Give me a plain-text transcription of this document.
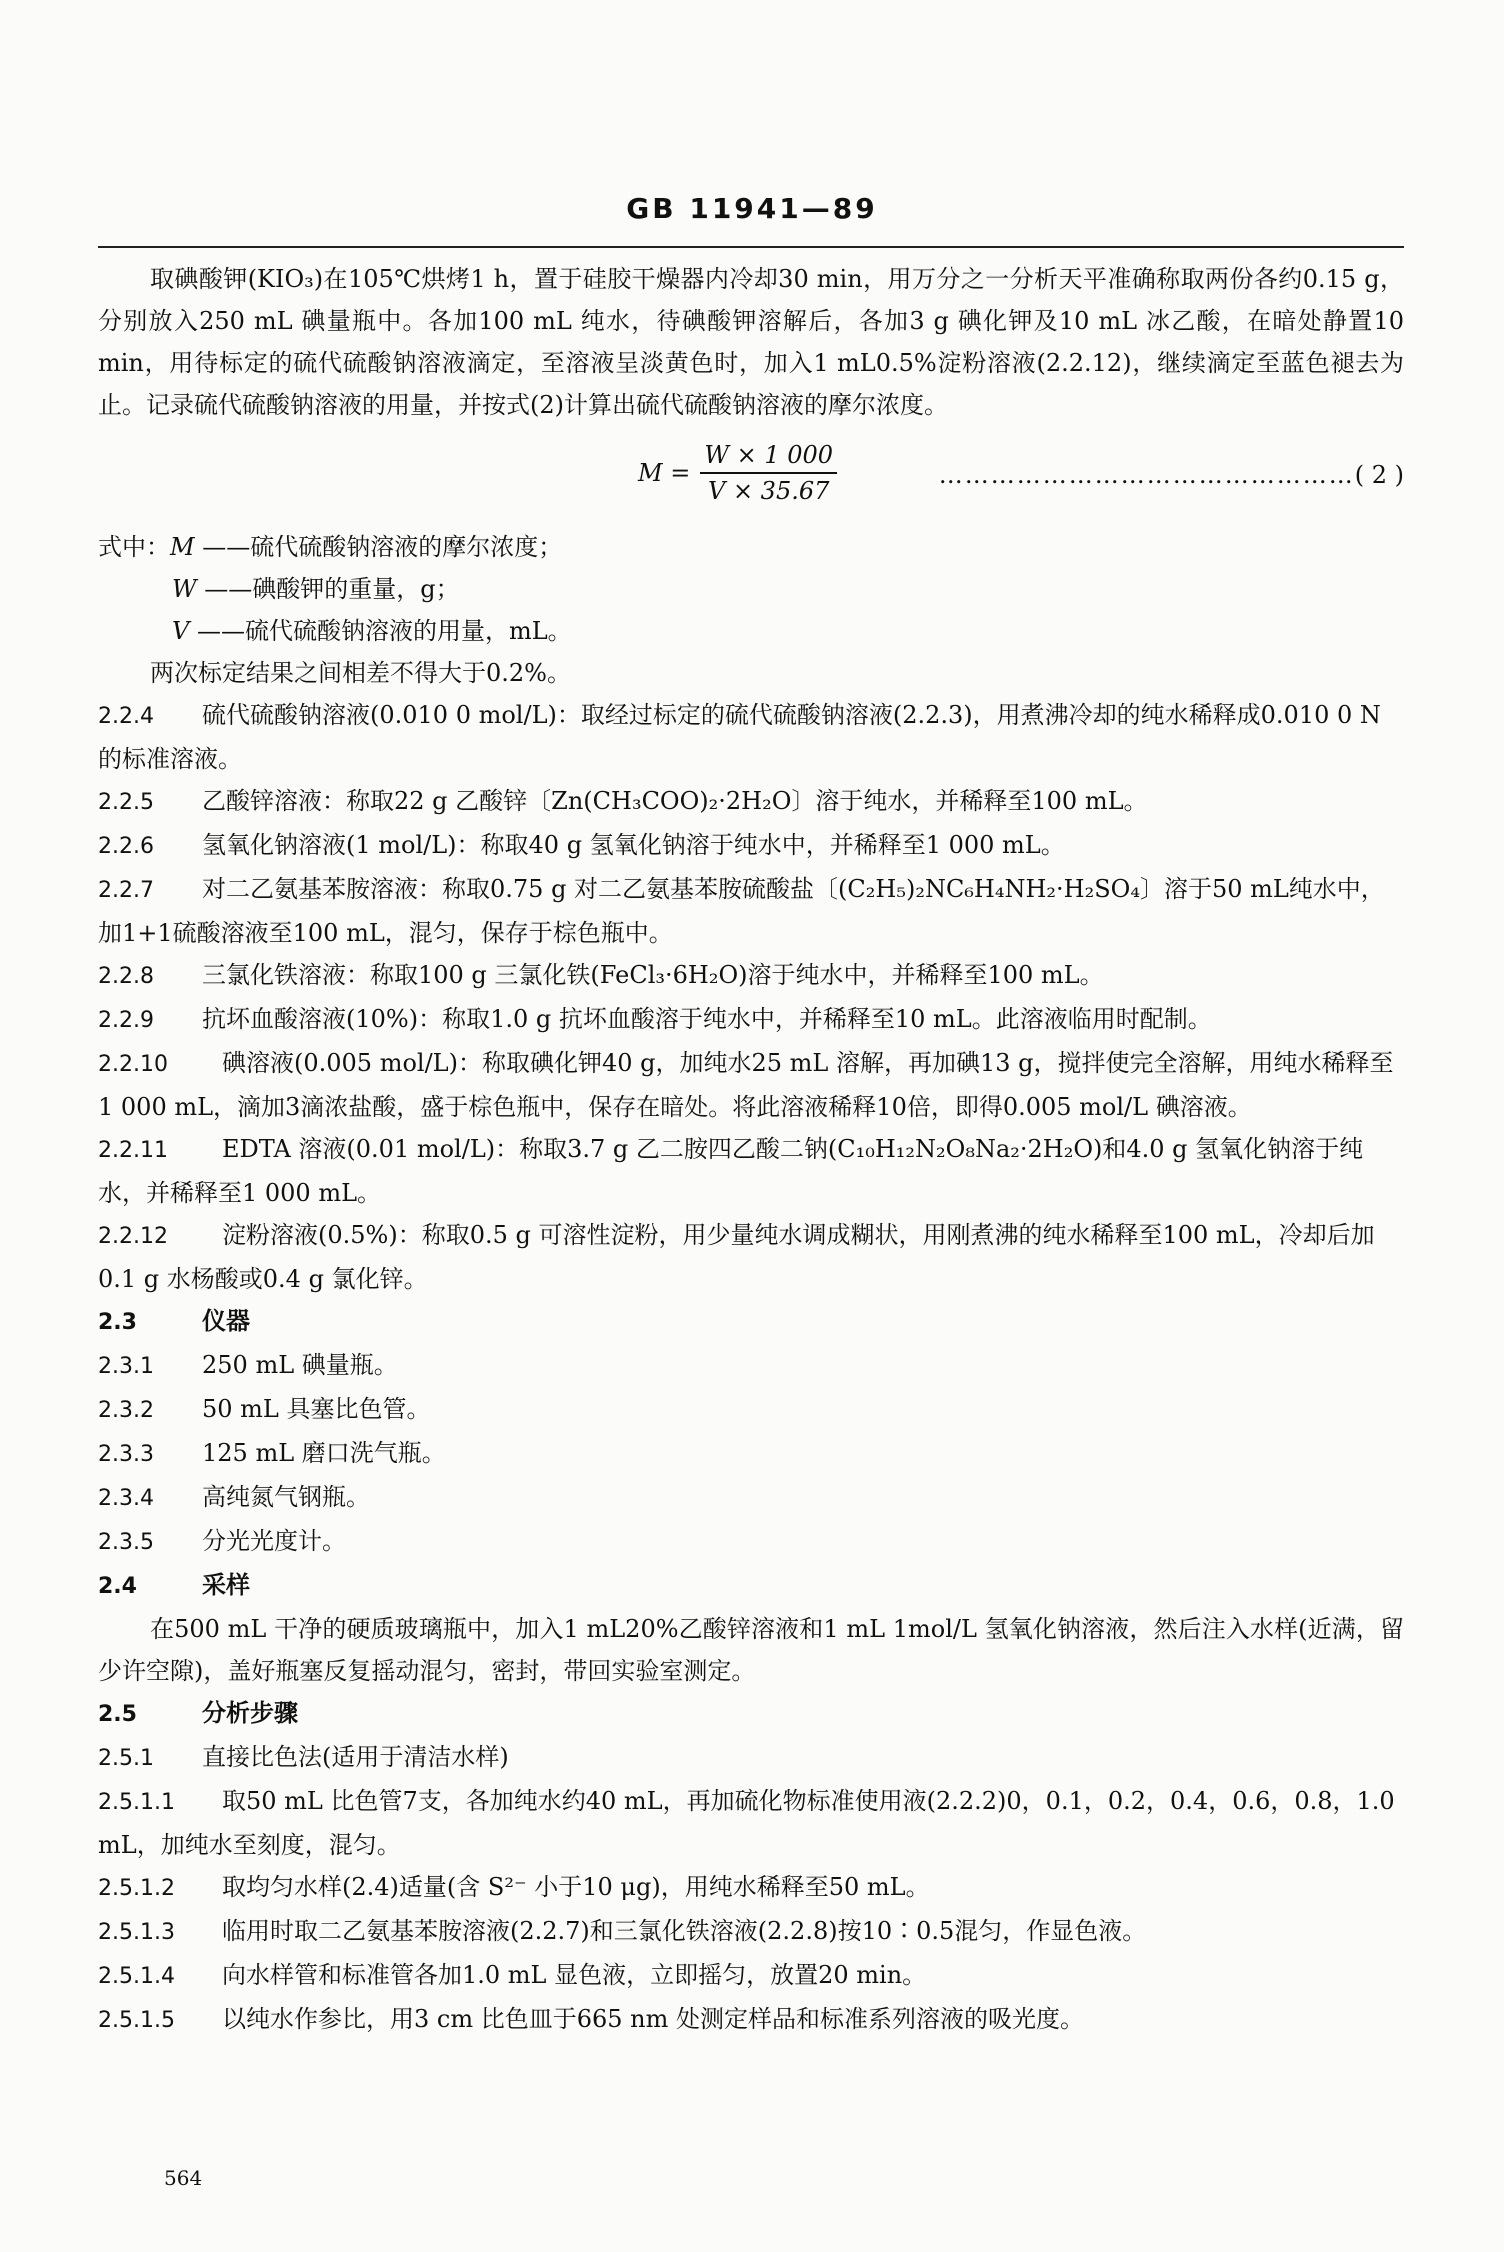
GB 11941—89

取碘酸钾(KIO₃)在105℃烘烤1 h，置于硅胶干燥器内冷却30 min，用万分之一分析天平准确称取两份各约0.15 g，分别放入250 mL 碘量瓶中。各加100 mL 纯水，待碘酸钾溶解后，各加3 g 碘化钾及10 mL 冰乙酸，在暗处静置10 min，用待标定的硫代硫酸钠溶液滴定，至溶液呈淡黄色时，加入1 mL0.5%淀粉溶液(2.2.12)，继续滴定至蓝色褪去为止。记录硫代硫酸钠溶液的用量，并按式(2)计算出硫代硫酸钠溶液的摩尔浓度。

$M = \frac{W \times 1 000}{V \times 35.67}$	…………………………………………( 2 )

式中：M ——硫代硫酸钠溶液的摩尔浓度；

W ——碘酸钾的重量，g；

V ——硫代硫酸钠溶液的用量，mL。

两次标定结果之间相差不得大于0.2%。

2.2.4 硫代硫酸钠溶液(0.010 0 mol/L)：取经过标定的硫代硫酸钠溶液(2.2.3)，用煮沸冷却的纯水稀释成0.010 0 N 的标准溶液。

2.2.5 乙酸锌溶液：称取22 g 乙酸锌〔Zn(CH₃COO)₂·2H₂O〕溶于纯水，并稀释至100 mL。

2.2.6 氢氧化钠溶液(1 mol/L)：称取40 g 氢氧化钠溶于纯水中，并稀释至1 000 mL。

2.2.7 对二乙氨基苯胺溶液：称取0.75 g 对二乙氨基苯胺硫酸盐〔(C₂H₅)₂NC₆H₄NH₂·H₂SO₄〕溶于50 mL纯水中，加1+1硫酸溶液至100 mL，混匀，保存于棕色瓶中。

2.2.8 三氯化铁溶液：称取100 g 三氯化铁(FeCl₃·6H₂O)溶于纯水中，并稀释至100 mL。

2.2.9 抗坏血酸溶液(10%)：称取1.0 g 抗坏血酸溶于纯水中，并稀释至10 mL。此溶液临用时配制。

2.2.10 碘溶液(0.005 mol/L)：称取碘化钾40 g，加纯水25 mL 溶解，再加碘13 g，搅拌使完全溶解，用纯水稀释至1 000 mL，滴加3滴浓盐酸，盛于棕色瓶中，保存在暗处。将此溶液稀释10倍，即得0.005 mol/L 碘溶液。

2.2.11 EDTA 溶液(0.01 mol/L)：称取3.7 g 乙二胺四乙酸二钠(C₁₀H₁₂N₂O₈Na₂·2H₂O)和4.0 g 氢氧化钠溶于纯水，并稀释至1 000 mL。

2.2.12 淀粉溶液(0.5%)：称取0.5 g 可溶性淀粉，用少量纯水调成糊状，用刚煮沸的纯水稀释至100 mL，冷却后加0.1 g 水杨酸或0.4 g 氯化锌。

2.3	仪器

2.3.1 250 mL 碘量瓶。

2.3.2 50 mL 具塞比色管。

2.3.3 125 mL 磨口洗气瓶。

2.3.4 高纯氮气钢瓶。

2.3.5 分光光度计。

2.4	采样

在500 mL 干净的硬质玻璃瓶中，加入1 mL20%乙酸锌溶液和1 mL 1mol/L 氢氧化钠溶液，然后注入水样(近满，留少许空隙)，盖好瓶塞反复摇动混匀，密封，带回实验室测定。

2.5	分析步骤

2.5.1 直接比色法(适用于清洁水样)

2.5.1.1 取50 mL 比色管7支，各加纯水约40 mL，再加硫化物标准使用液(2.2.2)0，0.1，0.2，0.4，0.6，0.8，1.0 mL，加纯水至刻度，混匀。

2.5.1.2 取均匀水样(2.4)适量(含 S²⁻ 小于10 μg)，用纯水稀释至50 mL。

2.5.1.3 临用时取二乙氨基苯胺溶液(2.2.7)和三氯化铁溶液(2.2.8)按10∶0.5混匀，作显色液。

2.5.1.4 向水样管和标准管各加1.0 mL 显色液，立即摇匀，放置20 min。

2.5.1.5 以纯水作参比，用3 cm 比色皿于665 nm 处测定样品和标准系列溶液的吸光度。

564
